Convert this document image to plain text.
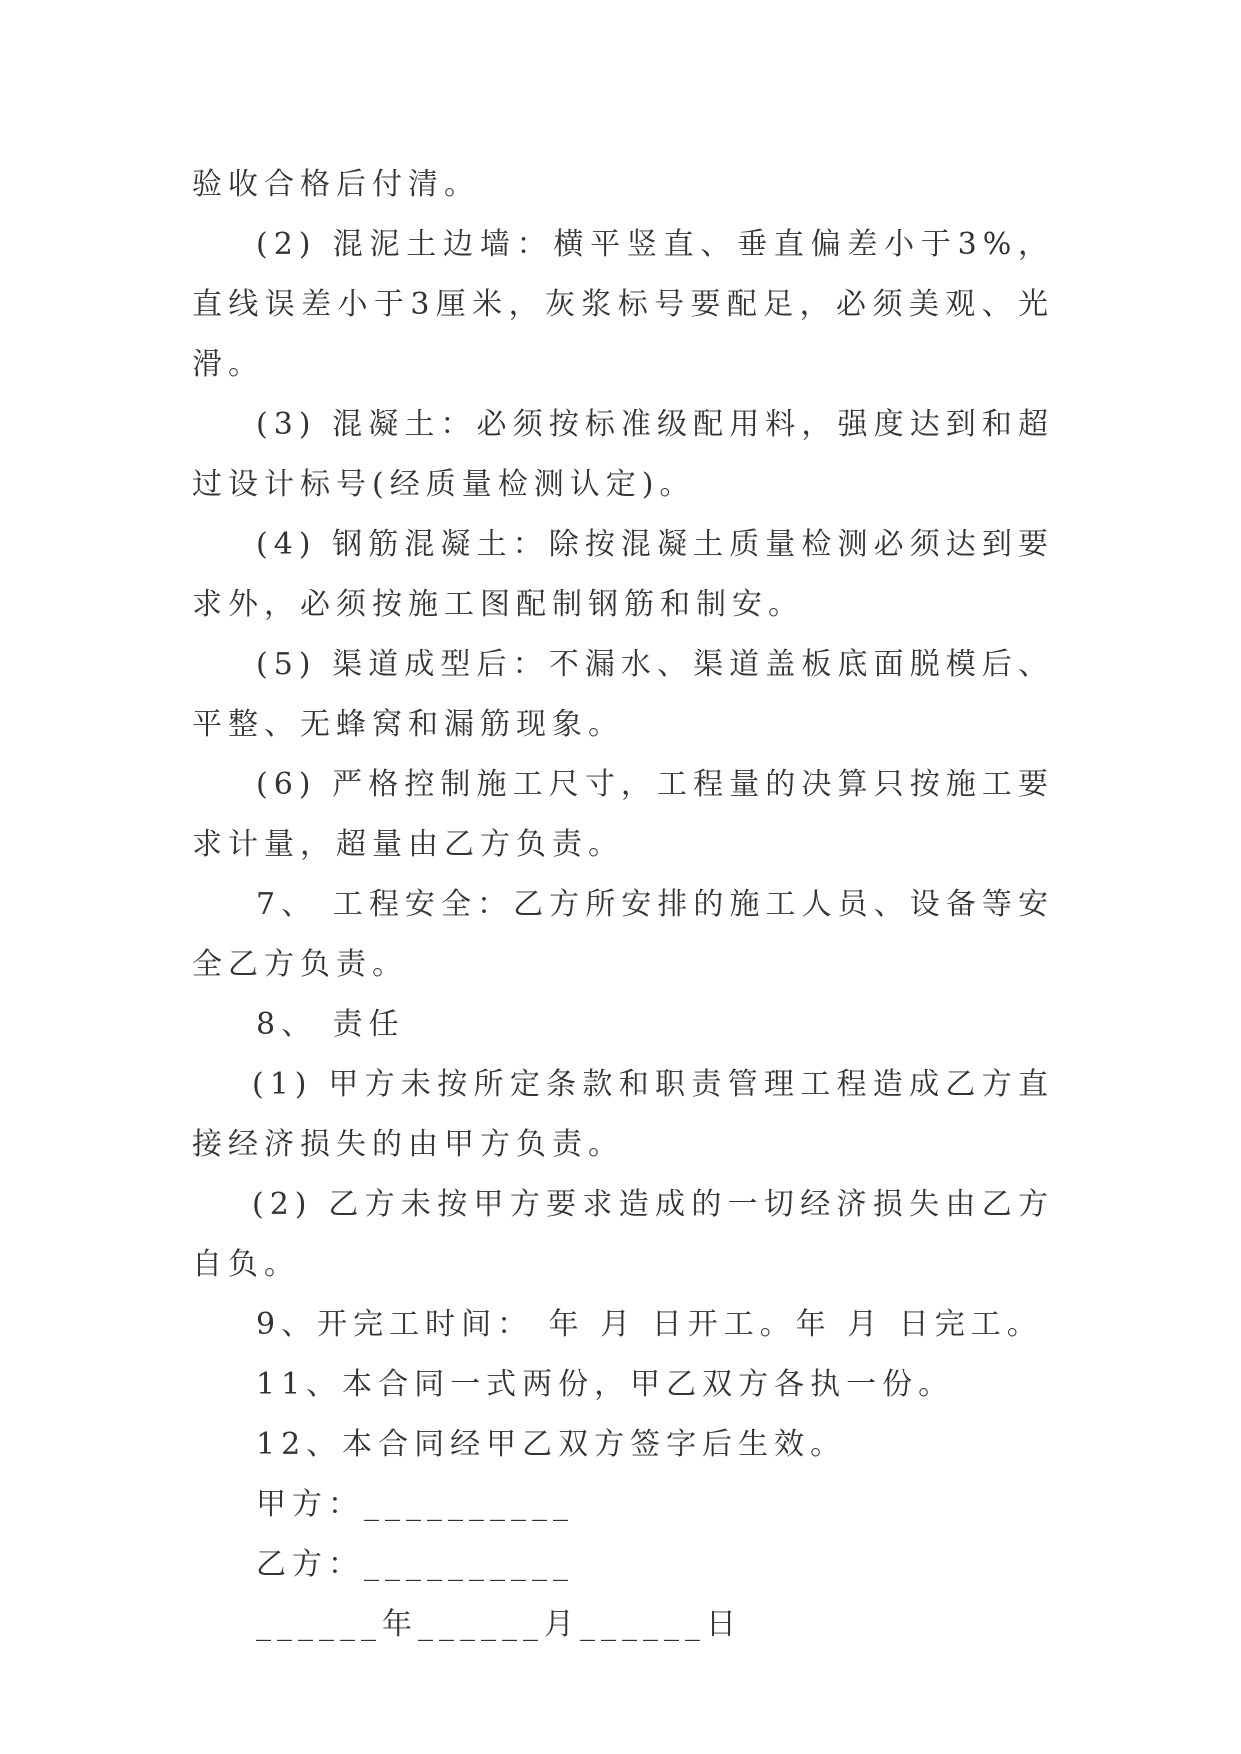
验收合格后付清。

(2) 混泥土边墙：横平竖直、垂直偏差小于3%，直线误差小于3厘米，灰浆标号要配足，必须美观、光滑。

(3) 混凝土：必须按标准级配用料，强度达到和超过设计标号(经质量检测认定)。

(4) 钢筋混凝土：除按混凝土质量检测必须达到要求外，必须按施工图配制钢筋和制安。

(5) 渠道成型后：不漏水、渠道盖板底面脱模后、平整、无蜂窝和漏筋现象。

(6) 严格控制施工尺寸，工程量的决算只按施工要求计量，超量由乙方负责。

7、 工程安全：乙方所安排的施工人员、设备等安全乙方负责。

8、 责任

(1) 甲方未按所定条款和职责管理工程造成乙方直接经济损失的由甲方负责。

(2) 乙方未按甲方要求造成的一切经济损失由乙方自负。

9、开完工时间： 年 月 日开工。年 月 日完工。

11、本合同一式两份，甲乙双方各执一份。

12、本合同经甲乙双方签字后生效。

甲方：__________

乙方：__________

______年______月______日
